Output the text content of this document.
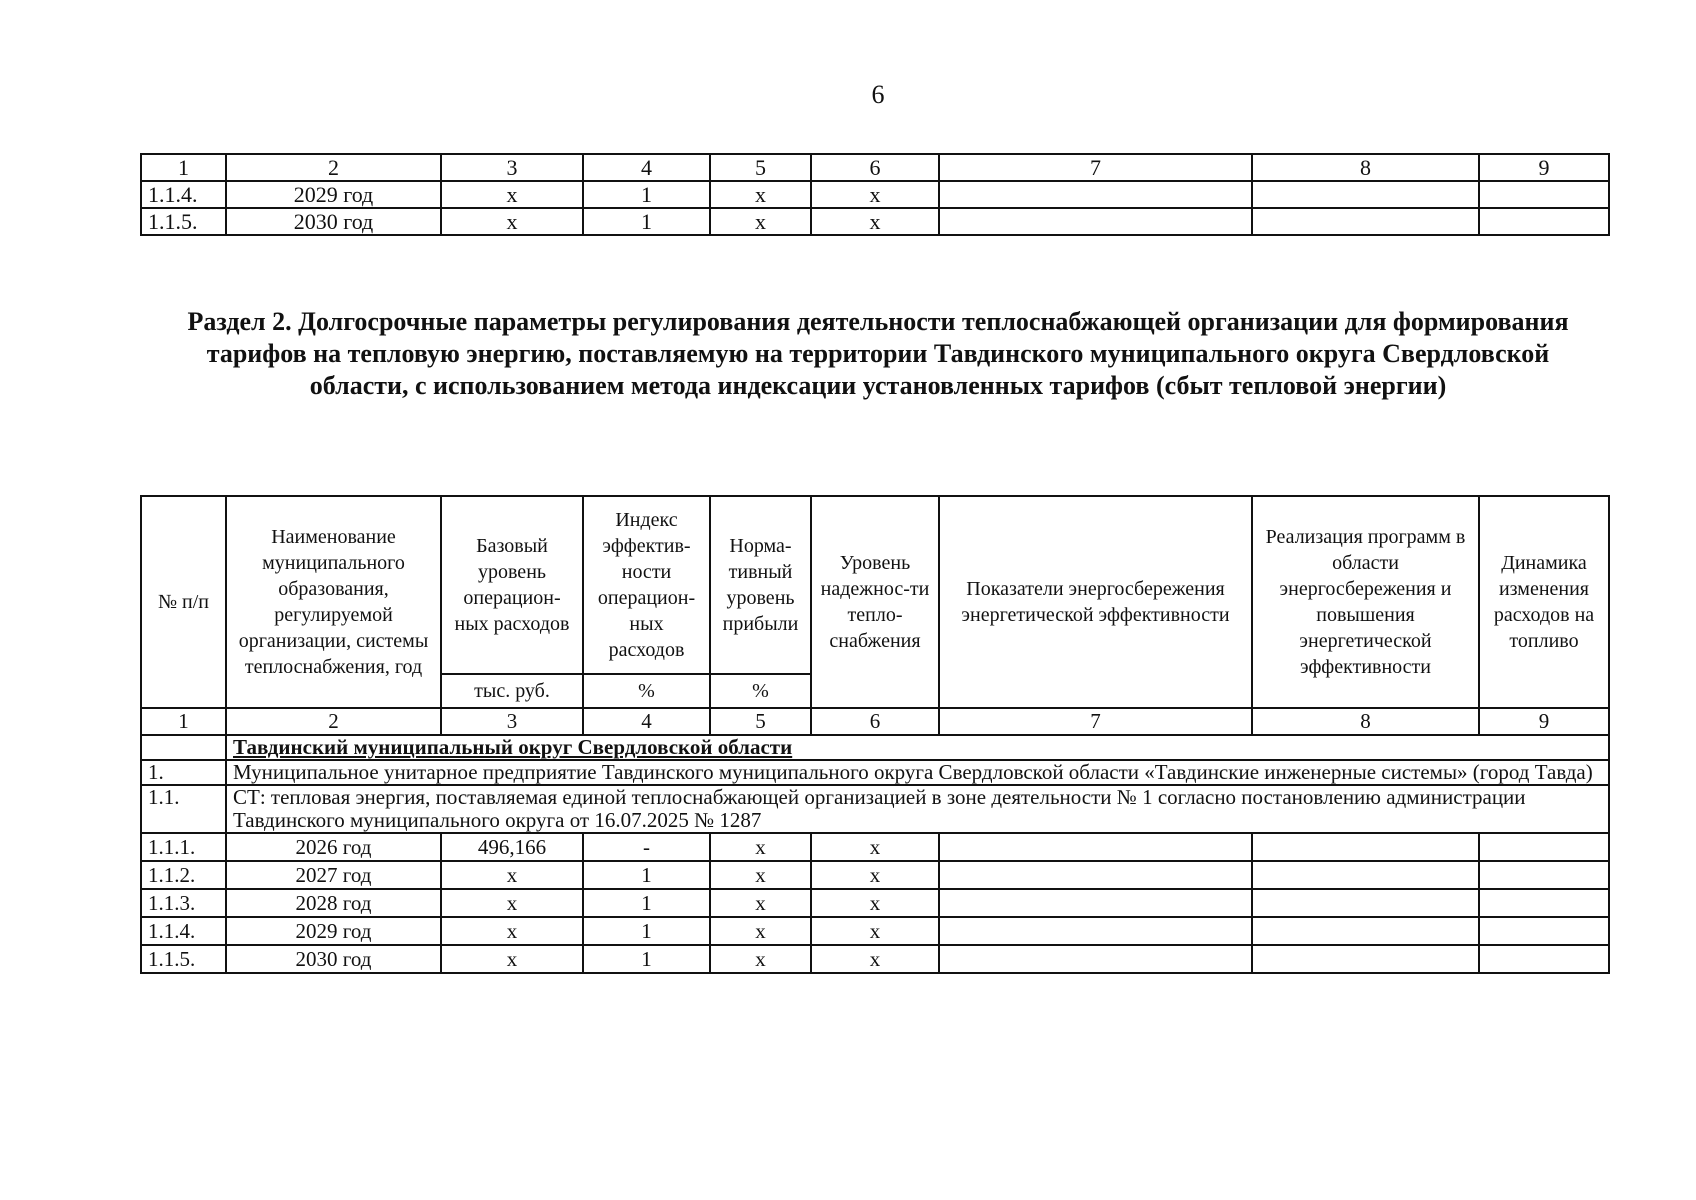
6
1	2	3	4	5	6	7	8	9
1.1.4.	2029 год	x	1	x	x			
1.1.5.	2030 год	x	1	x	x			
Раздел 2. Долгосрочные параметры регулирования деятельности теплоснабжающей организации для формирования тарифов на тепловую энергию, поставляемую на территории Тавдинского муниципального округа Свердловской области, с использованием метода индексации установленных тарифов (сбыт тепловой энергии)
№ п/п	Наименование муниципального образования, регулируемой организации, системы теплоснабжения, год	Базовый уровень операцион-ных расходов	Индекс эффектив-ности операцион-ных расходов	Норма-тивный уровень прибыли	Уровень надежнос-ти тепло-снабжения	Показатели энергосбережения энергетической эффективности	Реализация программ в области энергосбережения и повышения энергетической эффективности	Динамика изменения расходов на топливо
		тыс. руб.	%	%				
1	2	3	4	5	6	7	8	9
	Тавдинский муниципальный округ Свердловской области							
1.	Муниципальное унитарное предприятие Тавдинского муниципального округа Свердловской области «Тавдинские инженерные системы» (город Тавда)							
1.1.	СТ: тепловая энергия, поставляемая единой теплоснабжающей организацией в зоне деятельности № 1 согласно постановлению администрации Тавдинского муниципального округа от 16.07.2025 № 1287							
1.1.1.	2026 год	496,166	-	x	x			
1.1.2.	2027 год	x	1	x	x			
1.1.3.	2028 год	x	1	x	x			
1.1.4.	2029 год	x	1	x	x			
1.1.5.	2030 год	x	1	x	x			
